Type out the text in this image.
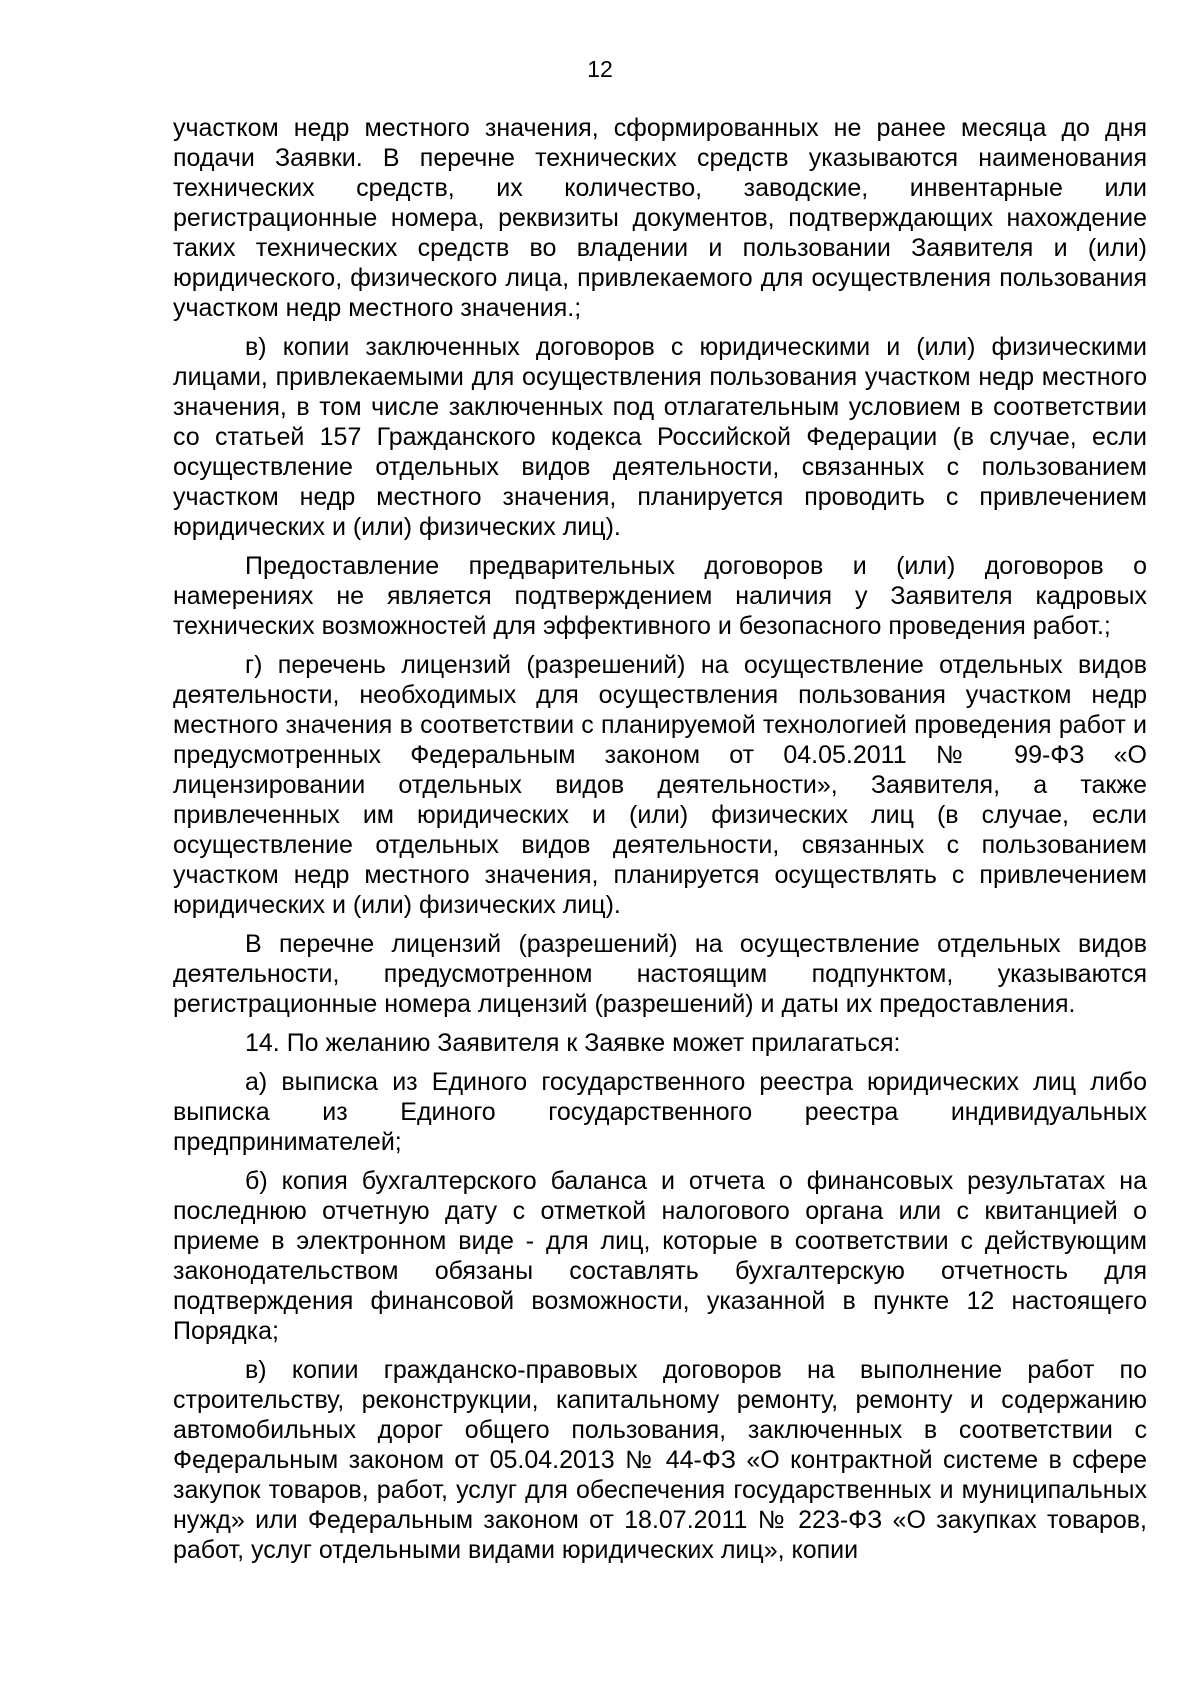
12

участком недр местного значения, сформированных не ранее месяца до дня подачи Заявки. В перечне технических средств указываются наименования технических средств, их количество, заводские, инвентарные или регистрационные номера, реквизиты документов, подтверждающих нахождение таких технических средств во владении и пользовании Заявителя и (или) юридического, физического лица, привлекаемого для осуществления пользования участком недр местного значения.;

в) копии заключенных договоров с юридическими и (или) физическими лицами, привлекаемыми для осуществления пользования участком недр местного значения, в том числе заключенных под отлагательным условием в соответствии со статьей 157 Гражданского кодекса Российской Федерации (в случае, если осуществление отдельных видов деятельности, связанных с пользованием участком недр местного значения, планируется проводить с привлечением юридических и (или) физических лиц).

Предоставление предварительных договоров и (или) договоров о намерениях не является подтверждением наличия у Заявителя кадровых технических возможностей для эффективного и безопасного проведения работ.;

г) перечень лицензий (разрешений) на осуществление отдельных видов деятельности, необходимых для осуществления пользования участком недр местного значения в соответствии с планируемой технологией проведения работ и предусмотренных Федеральным законом от 04.05.2011 № 99-ФЗ «О лицензировании отдельных видов деятельности», Заявителя, а также привлеченных им юридических и (или) физических лиц (в случае, если осуществление отдельных видов деятельности, связанных с пользованием участком недр местного значения, планируется осуществлять с привлечением юридических и (или) физических лиц).

В перечне лицензий (разрешений) на осуществление отдельных видов деятельности, предусмотренном настоящим подпунктом, указываются регистрационные номера лицензий (разрешений) и даты их предоставления.

14. По желанию Заявителя к Заявке может прилагаться:

а) выписка из Единого государственного реестра юридических лиц либо выписка из Единого государственного реестра индивидуальных предпринимателей;

б) копия бухгалтерского баланса и отчета о финансовых результатах на последнюю отчетную дату с отметкой налогового органа или с квитанцией о приеме в электронном виде - для лиц, которые в соответствии с действующим законодательством обязаны составлять бухгалтерскую отчетность для подтверждения финансовой возможности, указанной в пункте 12 настоящего Порядка;

в) копии гражданско-правовых договоров на выполнение работ по строительству, реконструкции, капитальному ремонту, ремонту и содержанию автомобильных дорог общего пользования, заключенных в соответствии с Федеральным законом от 05.04.2013 № 44-ФЗ «О контрактной системе в сфере закупок товаров, работ, услуг для обеспечения государственных и муниципальных нужд» или Федеральным законом от 18.07.2011 № 223-ФЗ «О закупках товаров, работ, услуг отдельными видами юридических лиц», копии
